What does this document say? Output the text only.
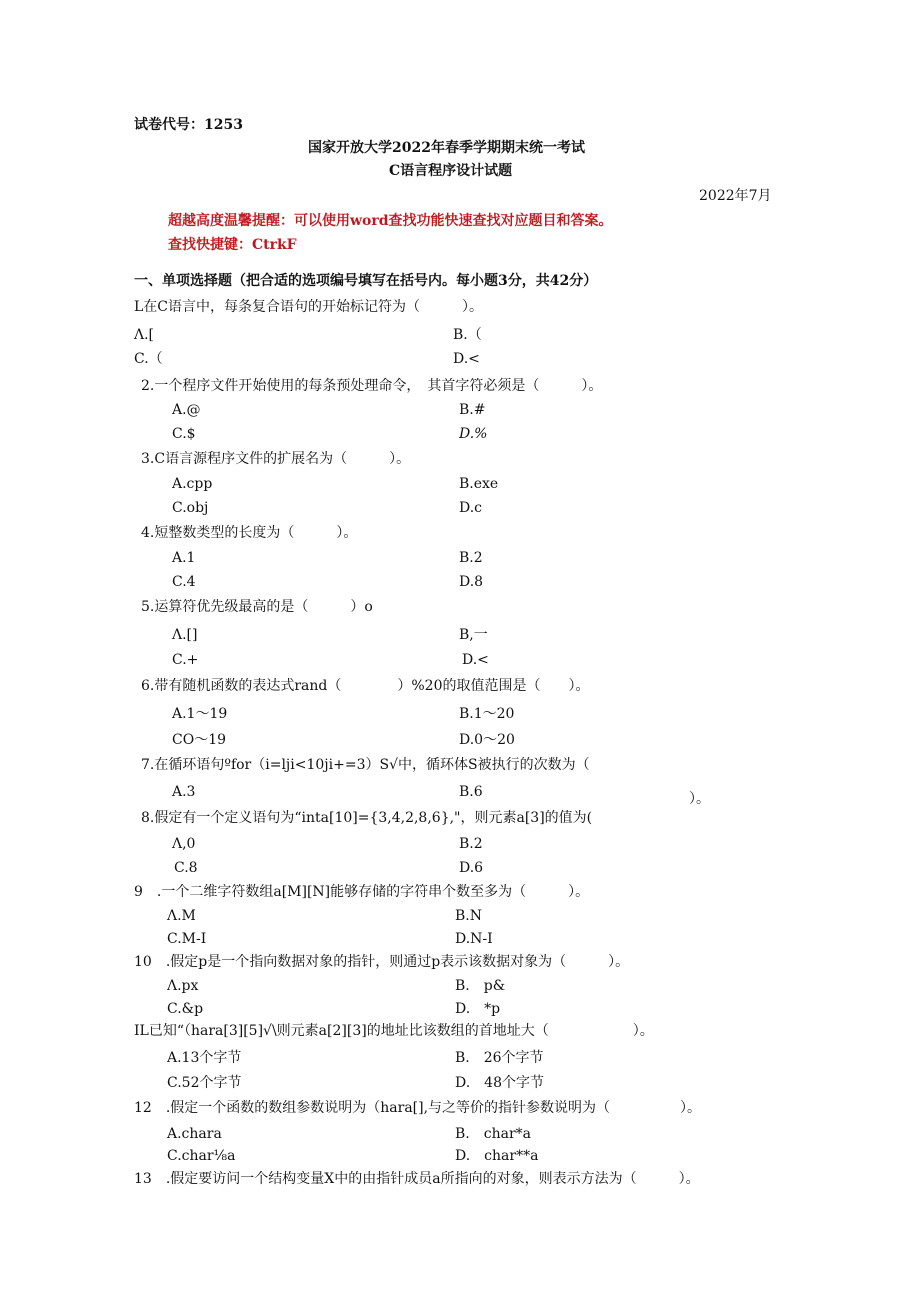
试卷代号：1253
国家开放大学2022年春季学期期末统一考试
C语言程序设计试题
2022年7月
超越高度温馨提醒：可以使用word查找功能快速查找对应题目和答案。
查找快捷键：CtrkF
一、单项选择题（把合适的选项编号填写在括号内。每小题3分，共42分）
L在C语言中，每条复合语句的开始标记符为（　　　）。
Λ.[	B.（
C.（	D.<
2.一个程序文件开始使用的每条预处理命令，　其首字符必须是（　　　）。
A.@	B.#
C.$	D.%
3.C语言源程序文件的扩展名为（　　　）。
A.cpp	B.exe
C.obj	D.c
4.短整数类型的长度为（　　　）。
A.1	B.2
C.4	D.8
5.运算符优先级最高的是（　　　）o
Λ.[]	B,一
C.+	D.<
6.带有随机函数的表达式rand（　　　　）%20的取值范围是（　　）。
A.1～19	B.1～20
CO～19	D.0～20
7.在循环语句ºfor（i=lji<10ji+=3）S√中，循环体S被执行的次数为（
A.3	B.6	）。
8.假定有一个定义语句为“inta[10]={3,4,2,8,6},"，则元素a[3]的值为(
Λ,0	B.2
C.8	D.6
9　.一个二维字符数组a[M][N]能够存储的字符串个数至多为（　　　）。
Λ.M	B.N
C.M-I	D.N-I
10　.假定p是一个指向数据对象的指针，则通过p表示该数据对象为（　　　）。
Λ.px	B.　p&
C.&p	D.　*p
IL已知“（hara[3][5]√\则元素a[2][3]的地址比该数组的首地址大（　　　　　　）。
A.13个字节	B.　26个字节
C.52个字节	D.　48个字节
12　.假定一个函数的数组参数说明为（hara[],与之等价的指针参数说明为（　　　　　）。
A.chara	B.　char*a
C.char⅛a	D.　char**a
13　.假定要访问一个结构变量X中的由指针成员a所指向的对象，则表示方法为（　　　）。
